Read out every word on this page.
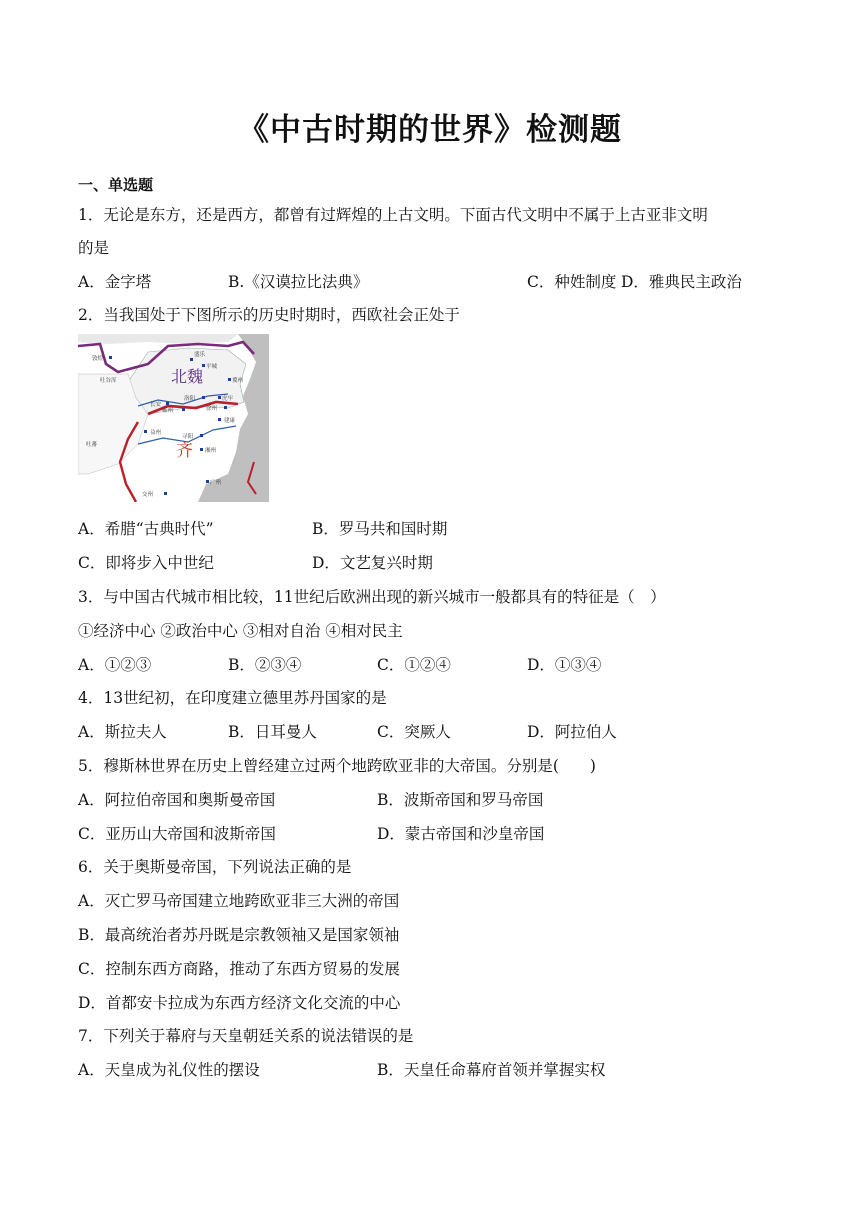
《中古时期的世界》检测题
一、单选题
1．无论是东方，还是西方，都曾有过辉煌的上古文明。下面古代文明中不属于上古亚非文明
的是
A．金字塔	B.《汉谟拉比法典》	C．种姓制度 D．雅典民主政治
2．当我国处于下图所示的历史时期时，西欧社会正处于
北魏
齐
敦煌
盛乐
平城
冀州
洛阳	虎牢
徐州
长安
雍州
建康
益州
寻阳
湘州
广州
交州
吐谷浑
吐蕃
A．希腊“古典时代”	B．罗马共和国时期
C．即将步入中世纪	D．文艺复兴时期
3．与中国古代城市相比较，11世纪后欧洲出现的新兴城市一般都具有的特征是（　）
①经济中心 ②政治中心 ③相对自治 ④相对民主
A．①②③	B．②③④	C．①②④	D．①③④
4．13世纪初，在印度建立德里苏丹国家的是
A．斯拉夫人	B．日耳曼人	C．突厥人	D．阿拉伯人
5．穆斯林世界在历史上曾经建立过两个地跨欧亚非的大帝国。分别是(　　)
A．阿拉伯帝国和奥斯曼帝国	B．波斯帝国和罗马帝国
C．亚历山大帝国和波斯帝国	D．蒙古帝国和沙皇帝国
6．关于奥斯曼帝国，下列说法正确的是
A．灭亡罗马帝国建立地跨欧亚非三大洲的帝国
B．最高统治者苏丹既是宗教领袖又是国家领袖
C．控制东西方商路，推动了东西方贸易的发展
D．首都安卡拉成为东西方经济文化交流的中心
7．下列关于幕府与天皇朝廷关系的说法错误的是
A．天皇成为礼仪性的摆设	B．天皇任命幕府首领并掌握实权
